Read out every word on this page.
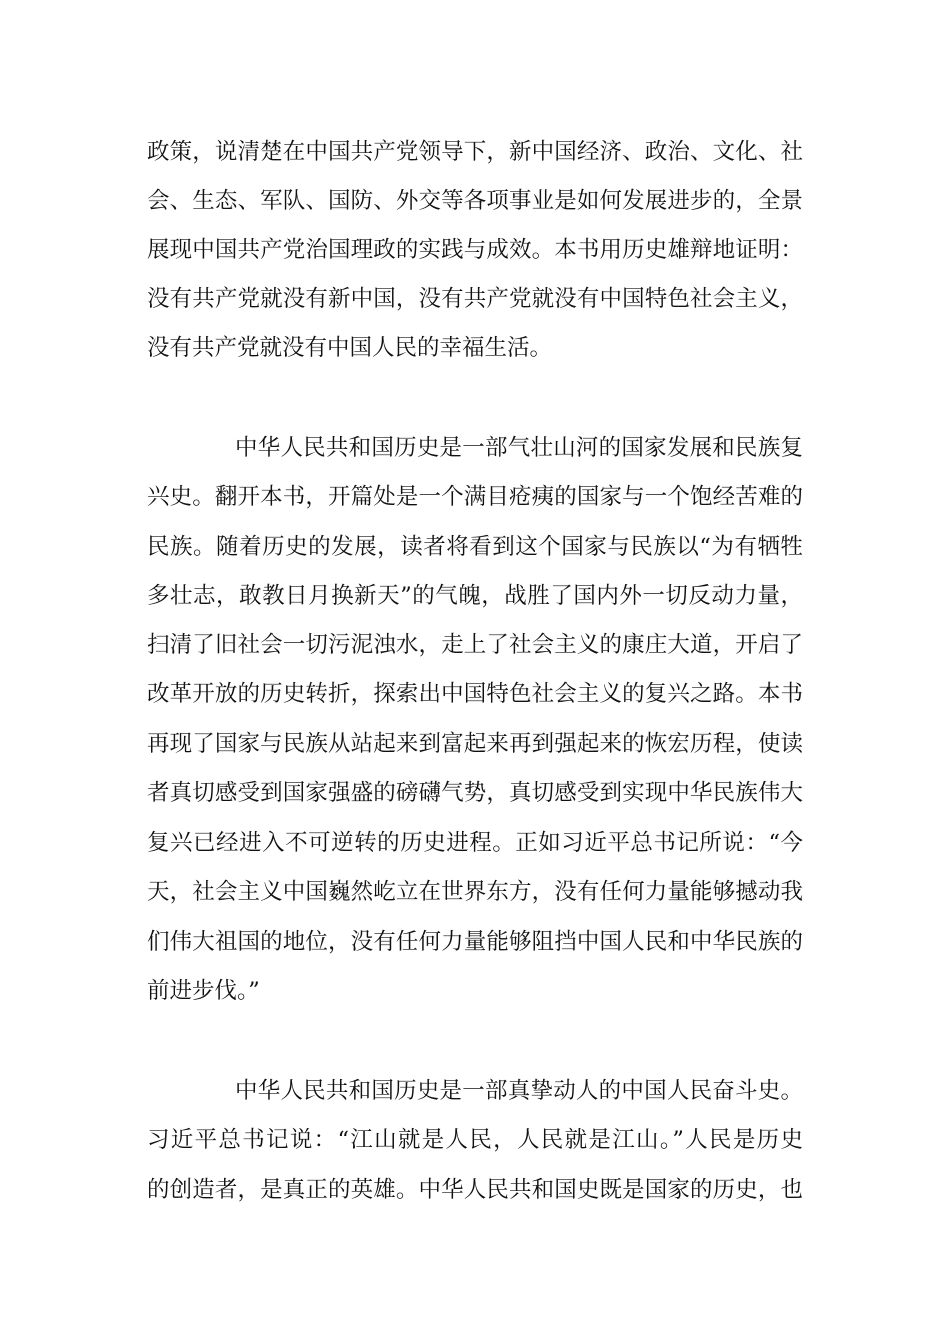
政策，说清楚在中国共产党领导下，新中国经济、政治、文化、社
会、生态、军队、国防、外交等各项事业是如何发展进步的，全景
展现中国共产党治国理政的实践与成效。本书用历史雄辩地证明：
没有共产党就没有新中国，没有共产党就没有中国特色社会主义，
没有共产党就没有中国人民的幸福生活。
中华人民共和国历史是一部气壮山河的国家发展和民族复
兴史。翻开本书，开篇处是一个满目疮痍的国家与一个饱经苦难的
民族。随着历史的发展，读者将看到这个国家与民族以“为有牺牲
多壮志，敢教日月换新天”的气魄，战胜了国内外一切反动力量，
扫清了旧社会一切污泥浊水，走上了社会主义的康庄大道，开启了
改革开放的历史转折，探索出中国特色社会主义的复兴之路。本书
再现了国家与民族从站起来到富起来再到强起来的恢宏历程，使读
者真切感受到国家强盛的磅礴气势，真切感受到实现中华民族伟大
复兴已经进入不可逆转的历史进程。正如习近平总书记所说：“今
天，社会主义中国巍然屹立在世界东方，没有任何力量能够撼动我
们伟大祖国的地位，没有任何力量能够阻挡中国人民和中华民族的
前进步伐。”
中华人民共和国历史是一部真挚动人的中国人民奋斗史。
习近平总书记说：“江山就是人民，人民就是江山。”人民是历史
的创造者，是真正的英雄。中华人民共和国史既是国家的历史，也
